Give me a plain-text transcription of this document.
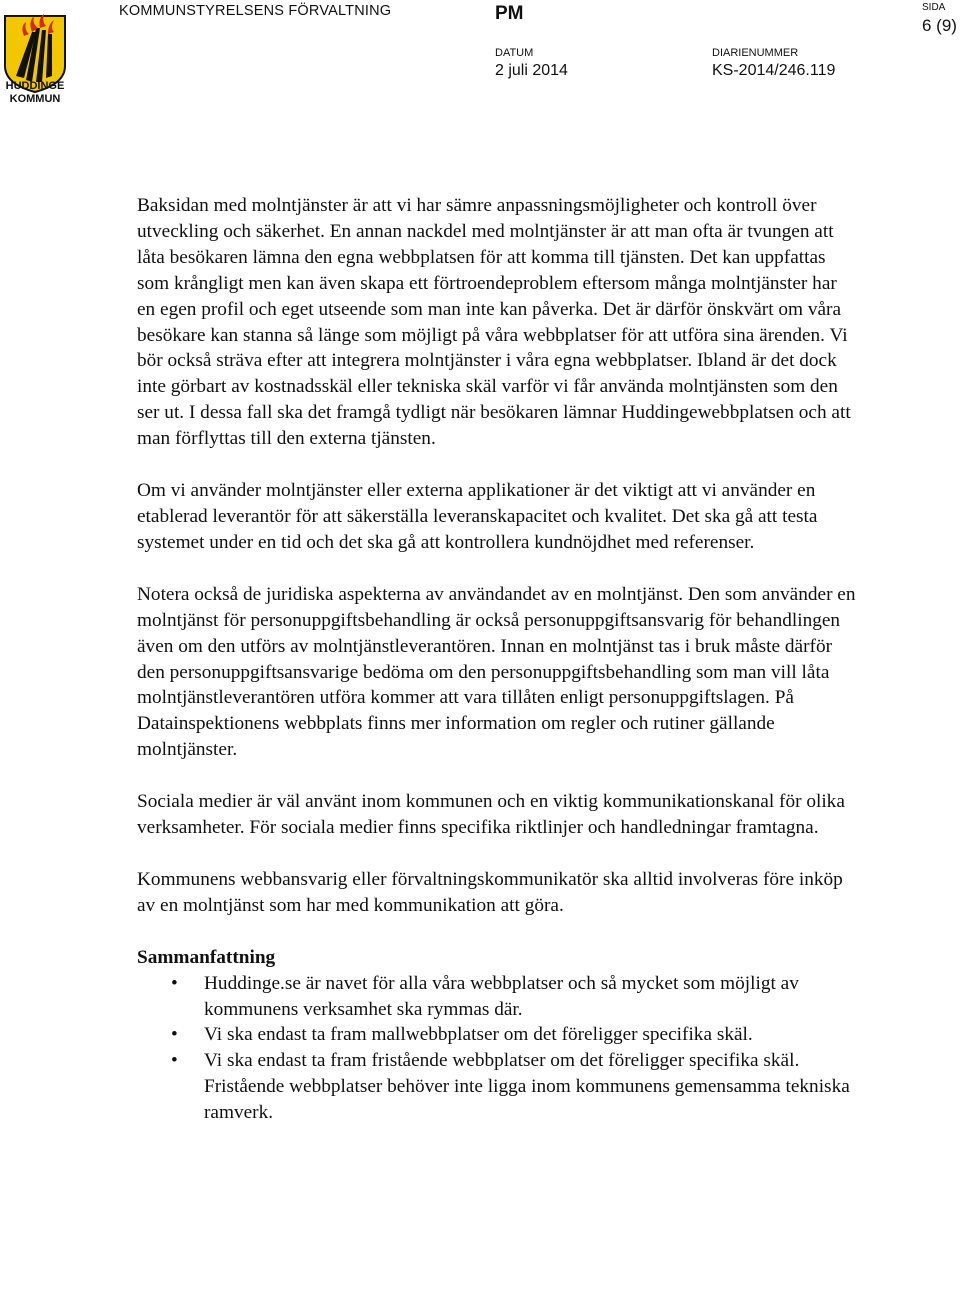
HUDDINGE
KOMMUN
KOMMUNSTYRELSENS FÖRVALTNING	PM	SIDA
6 (9)
DATUM
2 juli 2014
DIARIENUMMER
KS-2014/246.119

Baksidan med molntjänster är att vi har sämre anpassningsmöjligheter och kontroll över utveckling och säkerhet. En annan nackdel med molntjänster är att man ofta är tvungen att låta besökaren lämna den egna webbplatsen för att komma till tjänsten. Det kan uppfattas som krångligt men kan även skapa ett förtroendeproblem eftersom många molntjänster har en egen profil och eget utseende som man inte kan påverka. Det är därför önskvärt om våra besökare kan stanna så länge som möjligt på våra webbplatser för att utföra sina ärenden. Vi bör också sträva efter att integrera molntjänster i våra egna webbplatser. Ibland är det dock inte görbart av kostnadsskäl eller tekniska skäl varför vi får använda molntjänsten som den ser ut. I dessa fall ska det framgå tydligt när besökaren lämnar Huddingewebbplatsen och att man förflyttas till den externa tjänsten.

Om vi använder molntjänster eller externa applikationer är det viktigt att vi använder en etablerad leverantör för att säkerställa leveranskapacitet och kvalitet. Det ska gå att testa systemet under en tid och det ska gå att kontrollera kundnöjdhet med referenser.

Notera också de juridiska aspekterna av användandet av en molntjänst. Den som använder en molntjänst för personuppgiftsbehandling är också personuppgiftsansvarig för behandlingen även om den utförs av molntjänstleverantören. Innan en molntjänst tas i bruk måste därför den personuppgiftsansvarige bedöma om den personuppgiftsbehandling som man vill låta molntjänstleverantören utföra kommer att vara tillåten enligt personuppgiftslagen. På Datainspektionens webbplats finns mer information om regler och rutiner gällande molntjänster.

Sociala medier är väl använt inom kommunen och en viktig kommunikationskanal för olika verksamheter. För sociala medier finns specifika riktlinjer och handledningar framtagna.

Kommunens webbansvarig eller förvaltningskommunikatör ska alltid involveras före inköp av en molntjänst som har med kommunikation att göra.

Sammanfattning
• Huddinge.se är navet för alla våra webbplatser och så mycket som möjligt av kommunens verksamhet ska rymmas där.
• Vi ska endast ta fram mallwebbplatser om det föreligger specifika skäl.
• Vi ska endast ta fram fristående webbplatser om det föreligger specifika skäl. Fristående webbplatser behöver inte ligga inom kommunens gemensamma tekniska ramverk.
